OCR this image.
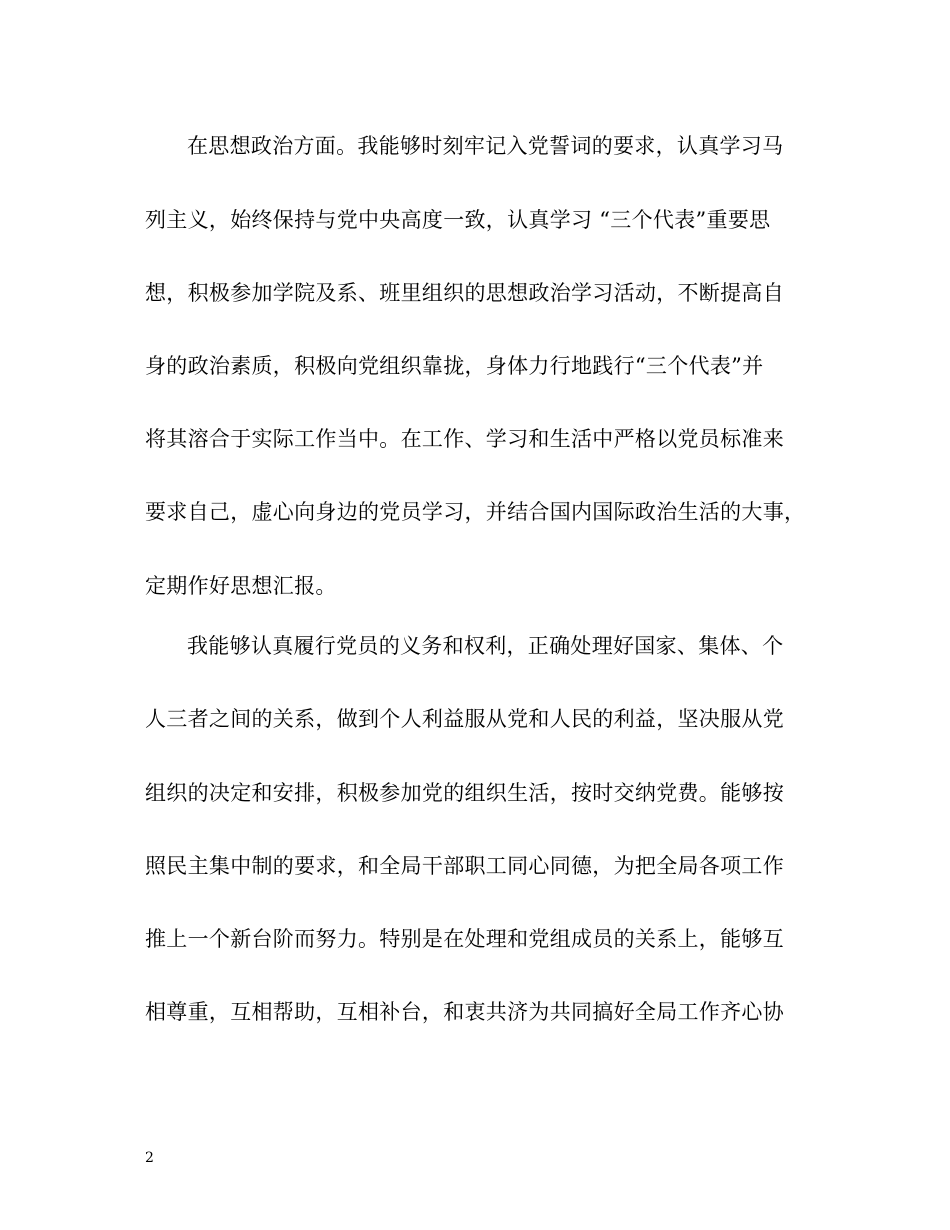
在思想政治方面。我能够时刻牢记入党誓词的要求，认真学习马
列主义，始终保持与党中央高度一致，认真学习 “三个代表”重要思
想，积极参加学院及系、班里组织的思想政治学习活动，不断提高自
身的政治素质，积极向党组织靠拢，身体力行地践行“三个代表”并
将其溶合于实际工作当中。在工作、学习和生活中严格以党员标准来
要求自己，虚心向身边的党员学习，并结合国内国际政治生活的大事，
定期作好思想汇报。
我能够认真履行党员的义务和权利，正确处理好国家、集体、个
人三者之间的关系，做到个人利益服从党和人民的利益，坚决服从党
组织的决定和安排，积极参加党的组织生活，按时交纳党费。能够按
照民主集中制的要求，和全局干部职工同心同德，为把全局各项工作
推上一个新台阶而努力。特别是在处理和党组成员的关系上，能够互
相尊重，互相帮助，互相补台，和衷共济为共同搞好全局工作齐心协
2
